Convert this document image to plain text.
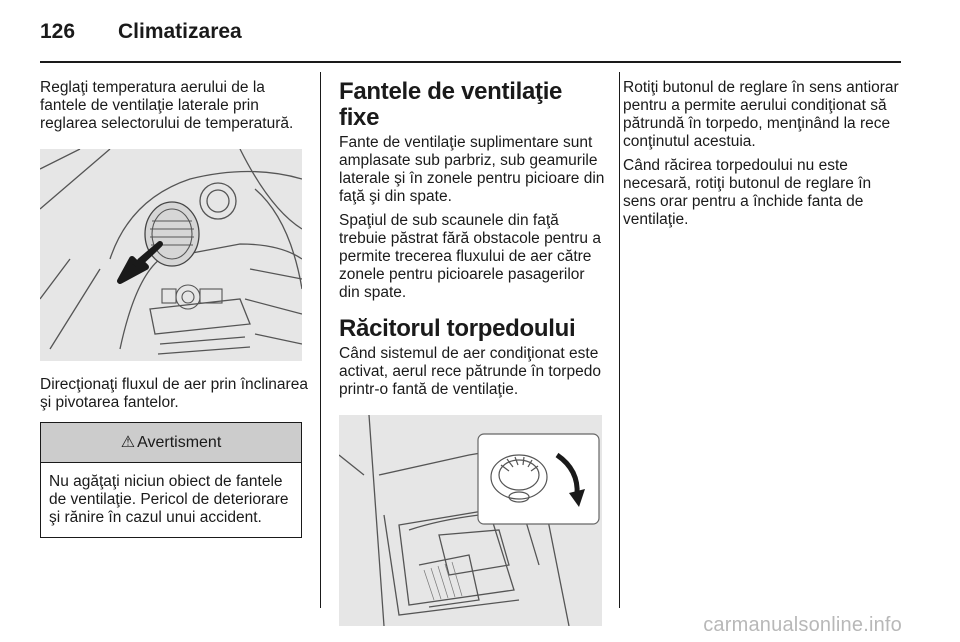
126 Climatizarea

Reglaţi temperatura aerului de la fantele de ventilaţie laterale prin reglarea selectorului de temperatură.

Direcţionaţi fluxul de aer prin înclinarea şi pivotarea fantelor.

⚠ Avertisment
Nu agăţaţi niciun obiect de fantele de ventilaţie. Pericol de deteriorare şi rănire în cazul unui accident.
Fantele de ventilaţie fixe

Fante de ventilaţie suplimentare sunt amplasate sub parbriz, sub geamurile laterale şi în zonele pentru picioare din faţă şi din spate.

Spaţiul de sub scaunele din faţă trebuie păstrat fără obstacole pentru a permite trecerea fluxului de aer către zonele pentru picioarele pasagerilor din spate.

Răcitorul torpedoului

Când sistemul de aer condiţionat este activat, aerul rece pătrunde în torpedo printr-o fantă de ventilaţie.

Rotiţi butonul de reglare în sens antiorar pentru a permite aerului condiţionat să pătrundă în torpedo, menţinând la rece conţinutul acestuia.

Când răcirea torpedoului nu este necesară, rotiţi butonul de reglare în sens orar pentru a închide fanta de ventilaţie.

carmanualsonline.info
